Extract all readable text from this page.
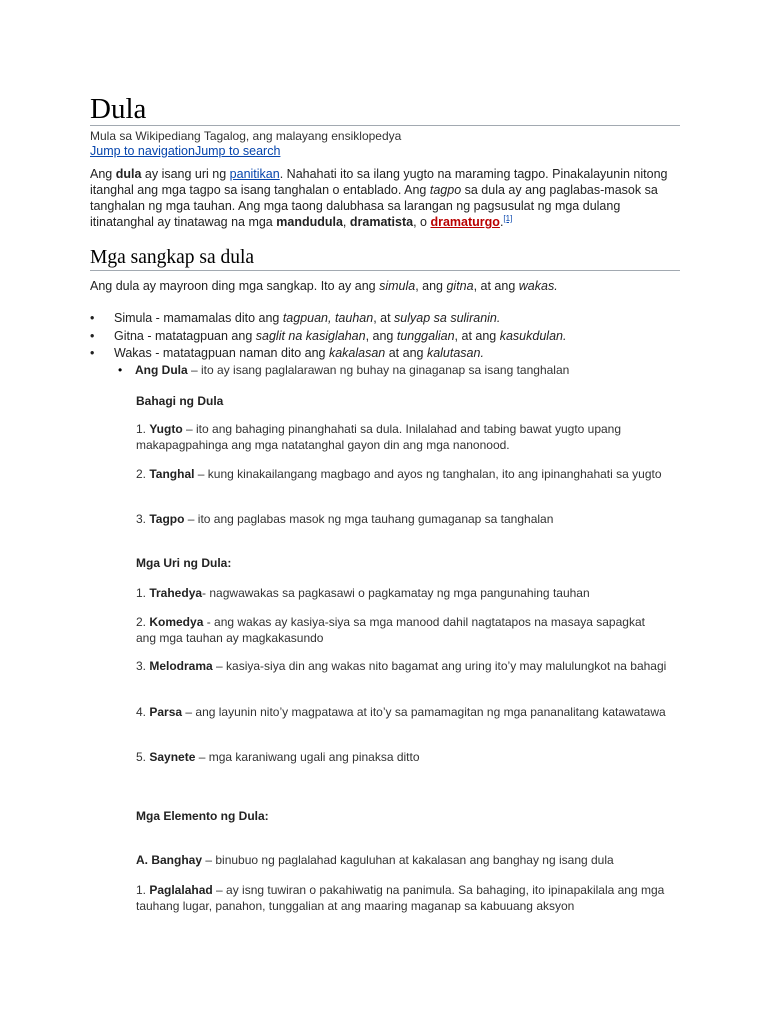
Dula
Mula sa Wikipediang Tagalog, ang malayang ensiklopedya
Jump to navigationJump to search
Ang dula ay isang uri ng panitikan. Nahahati ito sa ilang yugto na maraming tagpo. Pinakalayunin nitong itanghal ang mga tagpo sa isang tanghalan o entablado. Ang tagpo sa dula ay ang paglabas-masok sa tanghalan ng mga tauhan. Ang mga taong dalubhasa sa larangan ng pagsusulat ng mga dulang itinatanghal ay tinatawag na mga mandudula, dramatista, o dramaturgo.[1]
Mga sangkap sa dula
Ang dula ay mayroon ding mga sangkap. Ito ay ang simula, ang gitna, at ang wakas.
• Simula - mamamalas dito ang tagpuan, tauhan, at sulyap sa suliranin.
• Gitna - matatagpuan ang saglit na kasiglahan, ang tunggalian, at ang kasukdulan.
• Wakas - matatagpuan naman dito ang kakalasan at ang kalutasan.
• Ang Dula – ito ay isang paglalarawan ng buhay na ginaganap sa isang tanghalan
Bahagi ng Dula
1. Yugto – ito ang bahaging pinanghahati sa dula. Inilalahad and tabing bawat yugto upang makapagpahinga ang mga natatanghal gayon din ang mga nanonood.
2. Tanghal – kung kinakailangang magbago and ayos ng tanghalan, ito ang ipinanghahati sa yugto
3. Tagpo – ito ang paglabas masok ng mga tauhang gumaganap sa tanghalan
Mga Uri ng Dula:
1. Trahedya- nagwawakas sa pagkasawi o pagkamatay ng mga pangunahing tauhan
2. Komedya - ang wakas ay kasiya-siya sa mga manood dahil nagtatapos na masaya sapagkat ang mga tauhan ay magkakasundo
3. Melodrama – kasiya-siya din ang wakas nito bagamat ang uring ito’y may malulungkot na bahagi
4. Parsa – ang layunin nito’y magpatawa at ito’y sa pamamagitan ng mga pananalitang katawatawa
5. Saynete – mga karaniwang ugali ang pinaksa ditto
Mga Elemento ng Dula:
A. Banghay – binubuo ng paglalahad kaguluhan at kakalasan ang banghay ng isang dula
1. Paglalahad – ay isng tuwiran o pakahiwatig na panimula. Sa bahaging, ito ipinapakilala ang mga tauhang lugar, panahon, tunggalian at ang maaring maganap sa kabuuang aksyon
